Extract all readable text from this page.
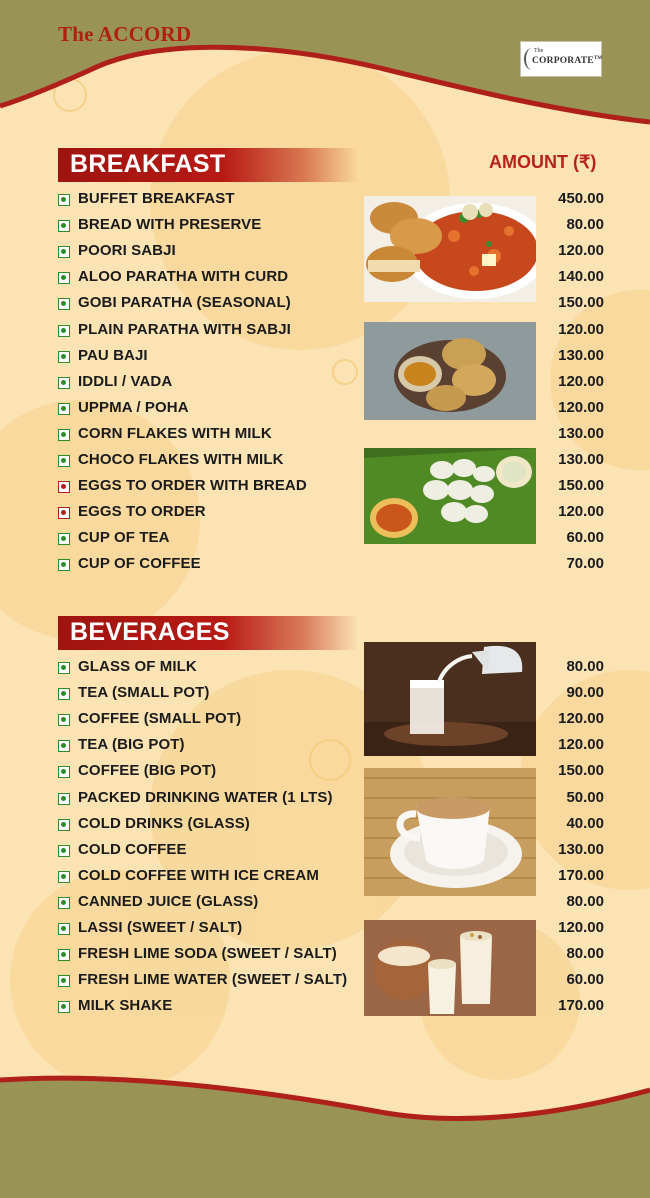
The ACCORD
The
CORPORATE™
BREAKFAST	AMOUNT (₹)
BUFFET BREAKFAST	450.00
BREAD WITH PRESERVE	80.00
POORI SABJI	120.00
ALOO PARATHA WITH CURD	140.00
GOBI PARATHA (SEASONAL)	150.00
PLAIN PARATHA WITH SABJI	120.00
PAU BAJI	130.00
IDDLI / VADA	120.00
UPPMA / POHA	120.00
CORN FLAKES WITH MILK	130.00
CHOCO FLAKES WITH MILK	130.00
EGGS TO ORDER WITH BREAD	150.00
EGGS TO ORDER	120.00
CUP OF TEA	60.00
CUP OF COFFEE	70.00
BEVERAGES
GLASS OF MILK	80.00
TEA (SMALL POT)	90.00
COFFEE (SMALL POT)	120.00
TEA (BIG POT)	120.00
COFFEE (BIG POT)	150.00
PACKED DRINKING WATER (1 LTS)	50.00
COLD DRINKS (GLASS)	40.00
COLD COFFEE	130.00
COLD COFFEE WITH ICE CREAM	170.00
CANNED JUICE (GLASS)	80.00
LASSI (SWEET / SALT)	120.00
FRESH LIME SODA (SWEET / SALT)	80.00
FRESH LIME WATER (SWEET / SALT)	60.00
MILK SHAKE	170.00
